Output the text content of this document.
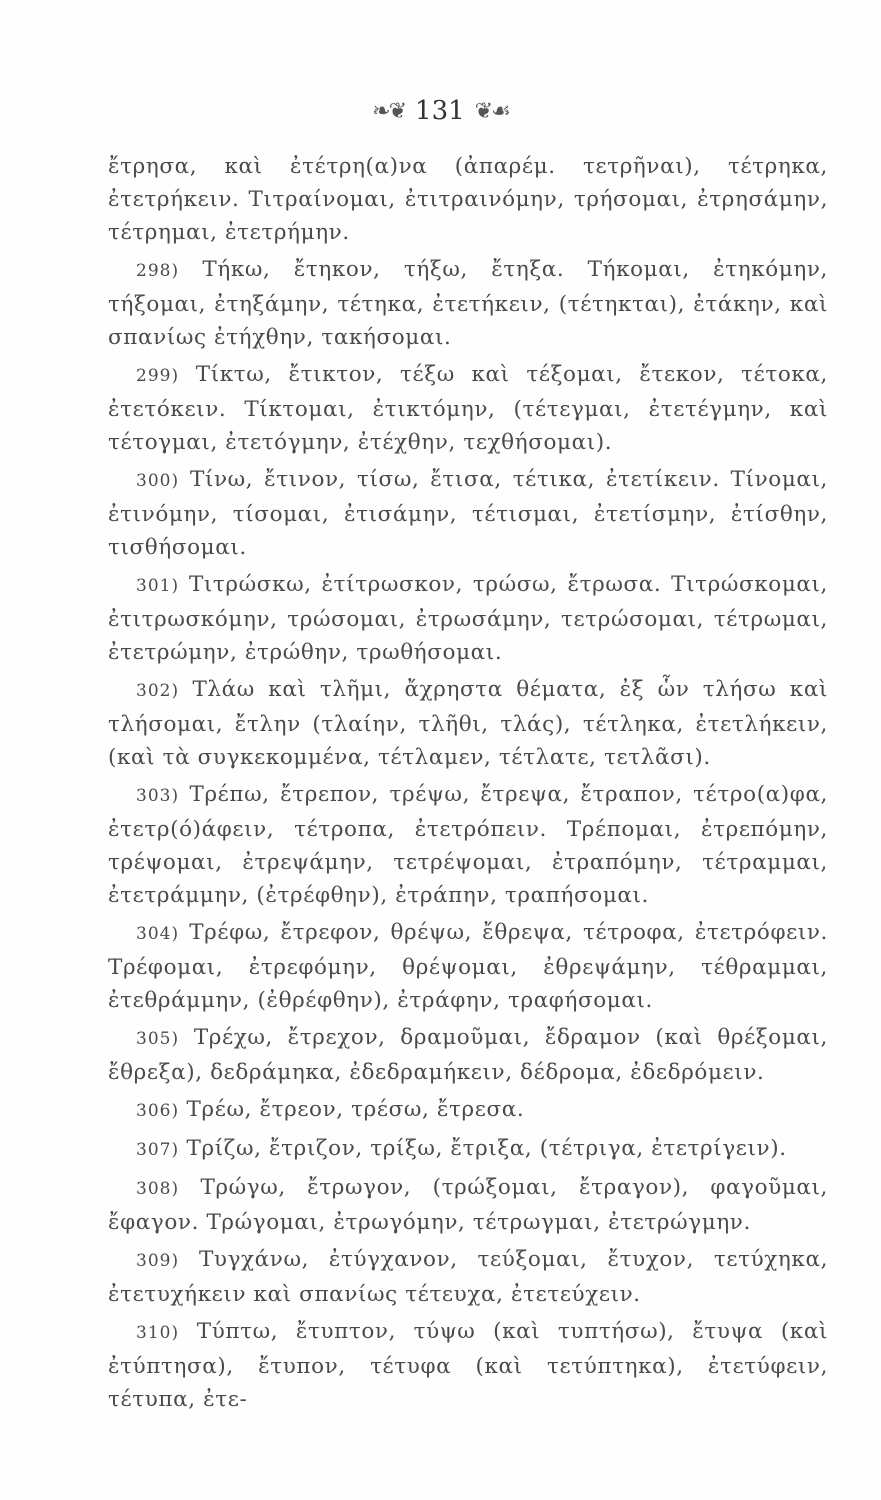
❧❦ 131 ❦☙

ἔτρησα, καὶ ἐτέτρη(α)να (ἀπαρέμ. τετρῆναι), τέτρηκα, ἐτετρήκειν. Τιτραίνομαι, ἐτιτραινόμην, τρήσομαι, ἐτρησάμην, τέτρημαι, ἐτετρήμην.

298) Τήκω, ἔτηκον, τήξω, ἔτηξα. Τήκομαι, ἐτηκόμην, τήξομαι, ἐτηξάμην, τέτηκα, ἐτετήκειν, (τέτηκται), ἐτάκην, καὶ σπανίως ἐτήχθην, τακήσομαι.

299) Τίκτω, ἔτικτον, τέξω καὶ τέξομαι, ἔτεκον, τέτοκα, ἐτετόκειν. Τίκτομαι, ἐτικτόμην, (τέτεγμαι, ἐτετέγμην, καὶ τέτογμαι, ἐτετόγμην, ἐτέχθην, τεχθήσομαι).

300) Τίνω, ἔτινον, τίσω, ἔτισα, τέτικα, ἐτετίκειν. Τίνομαι, ἐτινόμην, τίσομαι, ἐτισάμην, τέτισμαι, ἐτετίσμην, ἐτίσθην, τισθήσομαι.

301) Τιτρώσκω, ἐτίτρωσκον, τρώσω, ἔτρωσα. Τιτρώσκομαι, ἐτιτρωσκόμην, τρώσομαι, ἐτρωσάμην, τετρώσομαι, τέτρωμαι, ἐτετρώμην, ἐτρώθην, τρωθήσομαι.

302) Τλάω καὶ τλῆμι, ἄχρηστα θέματα, ἐξ ὧν τλήσω καὶ τλήσομαι, ἔτλην (τλαίην, τλῆθι, τλάς), τέτληκα, ἐτετλήκειν, (καὶ τὰ συγκεκομμένα, τέτλαμεν, τέτλατε, τετλᾶσι).

303) Τρέπω, ἔτρεπον, τρέψω, ἔτρεψα, ἔτραπον, τέτρο(α)φα, ἐτετρ(ό)άφειν, τέτροπα, ἐτετρόπειν. Τρέπομαι, ἐτρεπόμην, τρέψομαι, ἐτρεψάμην, τετρέψομαι, ἐτραπόμην, τέτραμμαι, ἐτετράμμην, (ἐτρέφθην), ἐτράπην, τραπήσομαι.

304) Τρέφω, ἔτρεφον, θρέψω, ἔθρεψα, τέτροφα, ἐτετρόφειν. Τρέφομαι, ἐτρεφόμην, θρέψομαι, ἐθρεψάμην, τέθραμμαι, ἐτεθράμμην, (ἐθρέφθην), ἐτράφην, τραφήσομαι.

305) Τρέχω, ἔτρεχον, δραμοῦμαι, ἔδραμον (καὶ θρέξομαι, ἔθρεξα), δεδράμηκα, ἐδεδραμήκειν, δέδρομα, ἐδεδρόμειν.

306) Τρέω, ἔτρεον, τρέσω, ἔτρεσα.

307) Τρίζω, ἔτριζον, τρίξω, ἔτριξα, (τέτριγα, ἐτετρίγειν).

308) Τρώγω, ἔτρωγον, (τρώξομαι, ἔτραγον), φαγοῦμαι, ἔφαγον. Τρώγομαι, ἐτρωγόμην, τέτρωγμαι, ἐτετρώγμην.

309) Τυγχάνω, ἐτύγχανον, τεύξομαι, ἔτυχον, τετύχηκα, ἐτετυχήκειν καὶ σπανίως τέτευχα, ἐτετεύχειν.

310) Τύπτω, ἔτυπτον, τύψω (καὶ τυπτήσω), ἔτυψα (καὶ ἐτύπτησα), ἔτυπον, τέτυφα (καὶ τετύπτηκα), ἐτετύφειν, τέτυπα, ἐτε-
